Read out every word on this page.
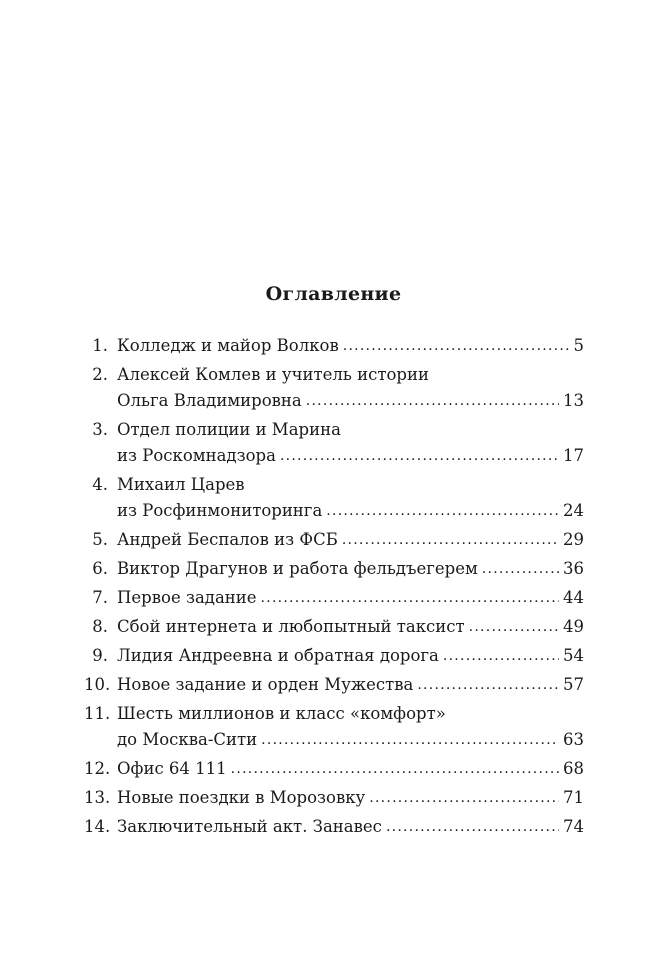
Оглавление
1. Колледж и майор Волков . . .	5
2. Алексей Комлев и учитель истории
Ольга Владимировна . . .	13
3. Отдел полиции и Марина
из Роскомнадзора . . .	17
4. Михаил Царев
из Росфинмониторинга . . .	24
5. Андрей Беспалов из ФСБ . . .	29
6. Виктор Драгунов и работа фельдъегерем . . .	36
7. Первое задание . . .	44
8. Сбой интернета и любопытный таксист . . .	49
9. Лидия Андреевна и обратная дорога . . .	54
10. Новое задание и орден Мужества . . .	57
11. Шесть миллионов и класс «комфорт»
до Москва-Сити . . .	63
12. Офис 64 111 . . .	68
13. Новые поездки в Морозовку . . .	71
14. Заключительный акт. Занавес . . .	74
